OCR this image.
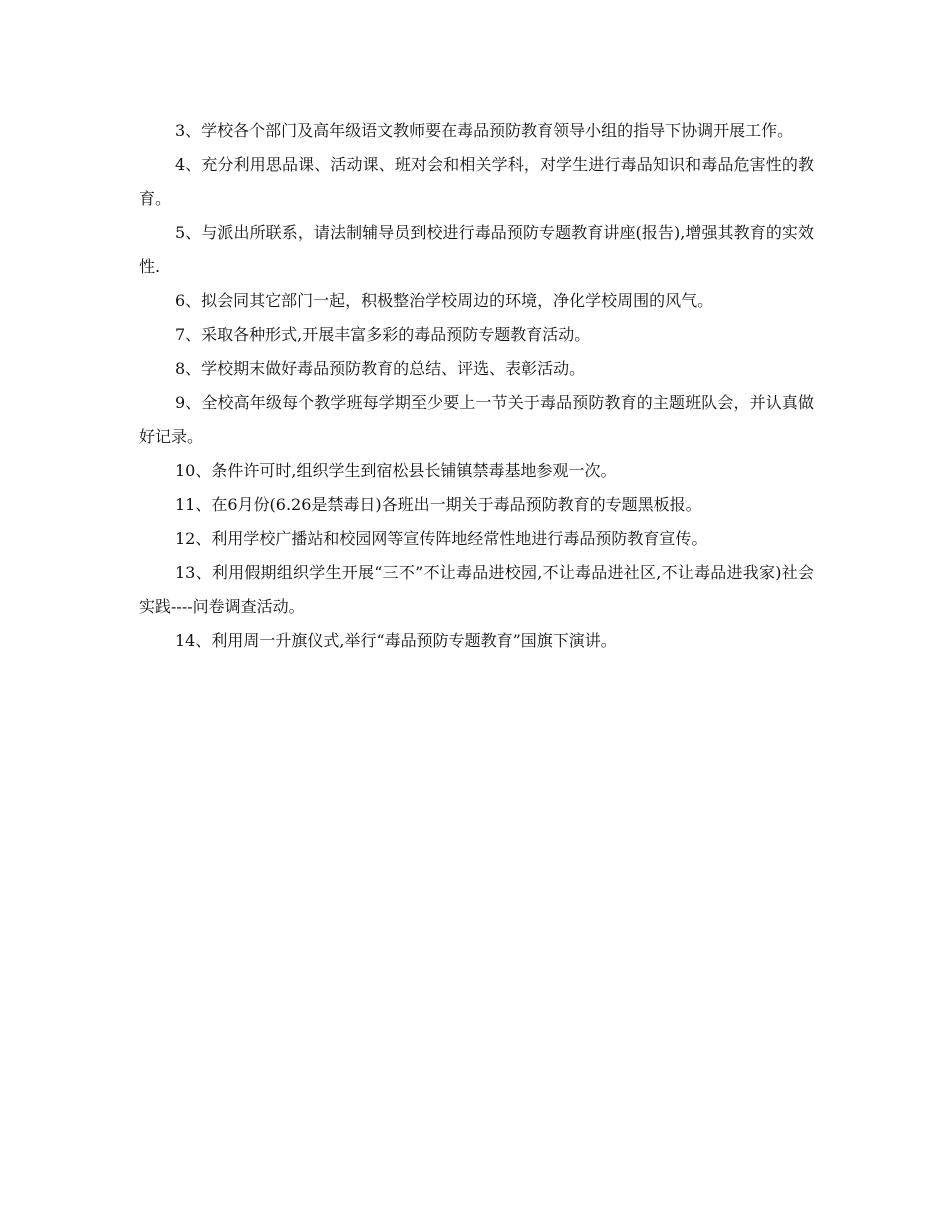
3、学校各个部门及高年级语文教师要在毒品预防教育领导小组的指导下协调开展工作。

4、充分利用思品课、活动课、班对会和相关学科，对学生进行毒品知识和毒品危害性的教育。

5、与派出所联系，请法制辅导员到校进行毒品预防专题教育讲座(报告),增强其教育的实效性.

6、拟会同其它部门一起，积极整治学校周边的环境，净化学校周围的风气。

7、采取各种形式,开展丰富多彩的毒品预防专题教育活动。

8、学校期末做好毒品预防教育的总结、评选、表彰活动。

9、全校高年级每个教学班每学期至少要上一节关于毒品预防教育的主题班队会，并认真做好记录。

10、条件许可时,组织学生到宿松县长铺镇禁毒基地参观一次。

11、在6月份(6.26是禁毒日)各班出一期关于毒品预防教育的专题黑板报。

12、利用学校广播站和校园网等宣传阵地经常性地进行毒品预防教育宣传。

13、利用假期组织学生开展“三不”不让毒品进校园,不让毒品进社区,不让毒品进我家)社会实践----问卷调查活动。

14、利用周一升旗仪式,举行“毒品预防专题教育”国旗下演讲。
